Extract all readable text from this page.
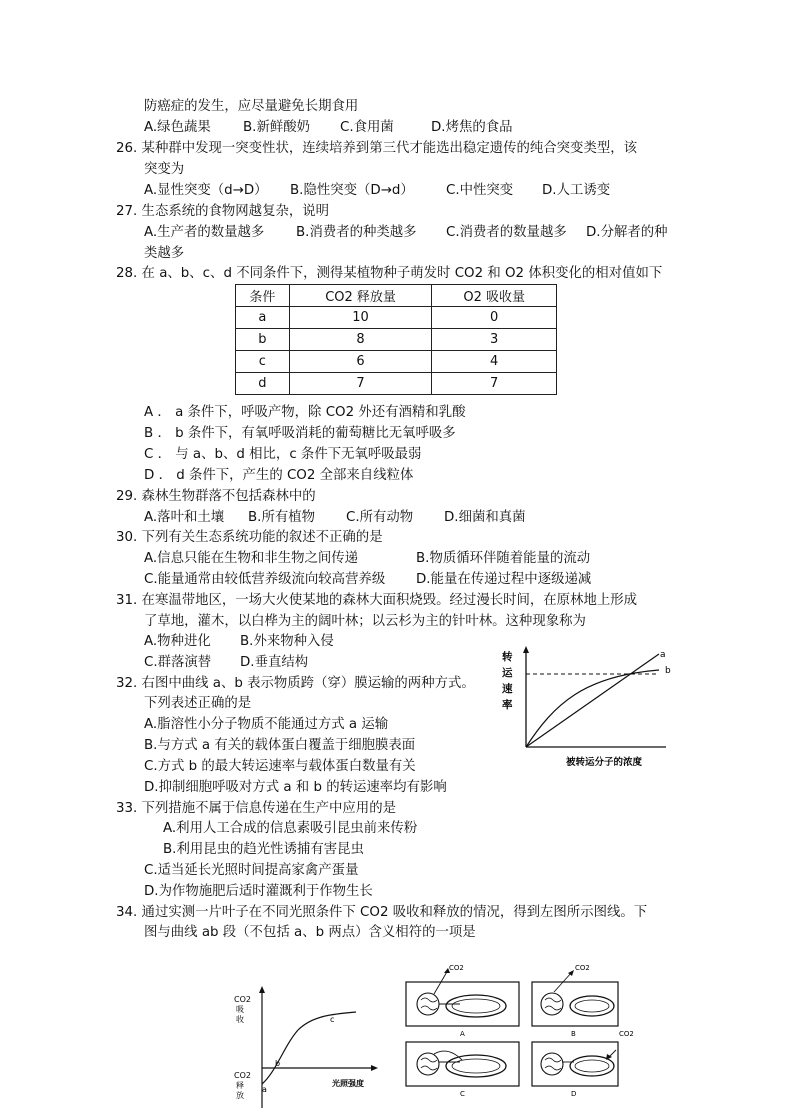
防癌症的发生，应尽量避免长期食用
A.绿色蔬果 B.新鲜酸奶 C.食用菌	D.烤焦的食品
26. 某种群中发现一突变性状，连续培养到第三代才能选出稳定遗传的纯合突变类型，该
突变为
A.显性突变（d→D） B.隐性突变（D→d） C.中性突变 D.人工诱变
27. 生态系统的食物网越复杂，说明
A.生产者的数量越多 B.消费者的种类越多 C.消费者的数量越多 D.分解者的种
类越多
28. 在 a、b、c、d 不同条件下，测得某植物种子萌发时 CO2 和 O2 体积变化的相对值如下
条件	CO2 释放量	O2 吸收量
a	10	0
b	8	3
c	6	4
d	7	7
A ． a 条件下，呼吸产物，除 CO2 外还有酒精和乳酸
B ． b 条件下，有氧呼吸消耗的葡萄糖比无氧呼吸多
C ． 与 a、b、d 相比，c 条件下无氧呼吸最弱
D ． d 条件下，产生的 CO2 全部来自线粒体
29. 森林生物群落不包括森林中的
A.落叶和土壤 B.所有植物 C.所有动物 D.细菌和真菌
30. 下列有关生态系统功能的叙述不正确的是
A.信息只能在生物和非生物之间传递	B.物质循环伴随着能量的流动
C.能量通常由较低营养级流向较高营养级 D.能量在传递过程中逐级递减
31. 在寒温带地区，一场大火使某地的森林大面积烧毁。经过漫长时间，在原林地上形成
了草地，灌木，以白桦为主的阔叶林；以云杉为主的针叶林。这种现象称为
A.物种进化 B.外来物种入侵
C.群落演替 D.垂直结构
32. 右图中曲线 a、b 表示物质跨（穿）膜运输的两种方式。
下列表述正确的是
A.脂溶性小分子物质不能通过方式 a 运输
B.与方式 a 有关的载体蛋白覆盖于细胞膜表面
C.方式 b 的最大转运速率与载体蛋白数量有关
D.抑制细胞呼吸对方式 a 和 b 的转运速率均有影响
转
运
速
率
a
b
被转运分子的浓度
33. 下列措施不属于信息传递在生产中应用的是
A.利用人工合成的信息素吸引昆虫前来传粉
B.利用昆虫的趋光性诱捕有害昆虫
C.适当延长光照时间提高家禽产蛋量
D.为作物施肥后适时灌溉利于作物生长
34. 通过实测一片叶子在不同光照条件下 CO2 吸收和释放的情况，得到左图所示图线。下
图与曲线 ab 段（不包括 a、b 两点）含义相符的一项是
CO2
吸
收
CO2
释
放
a
b
c
光照强度
CO2
A
CO2
B
C
CO2
D
